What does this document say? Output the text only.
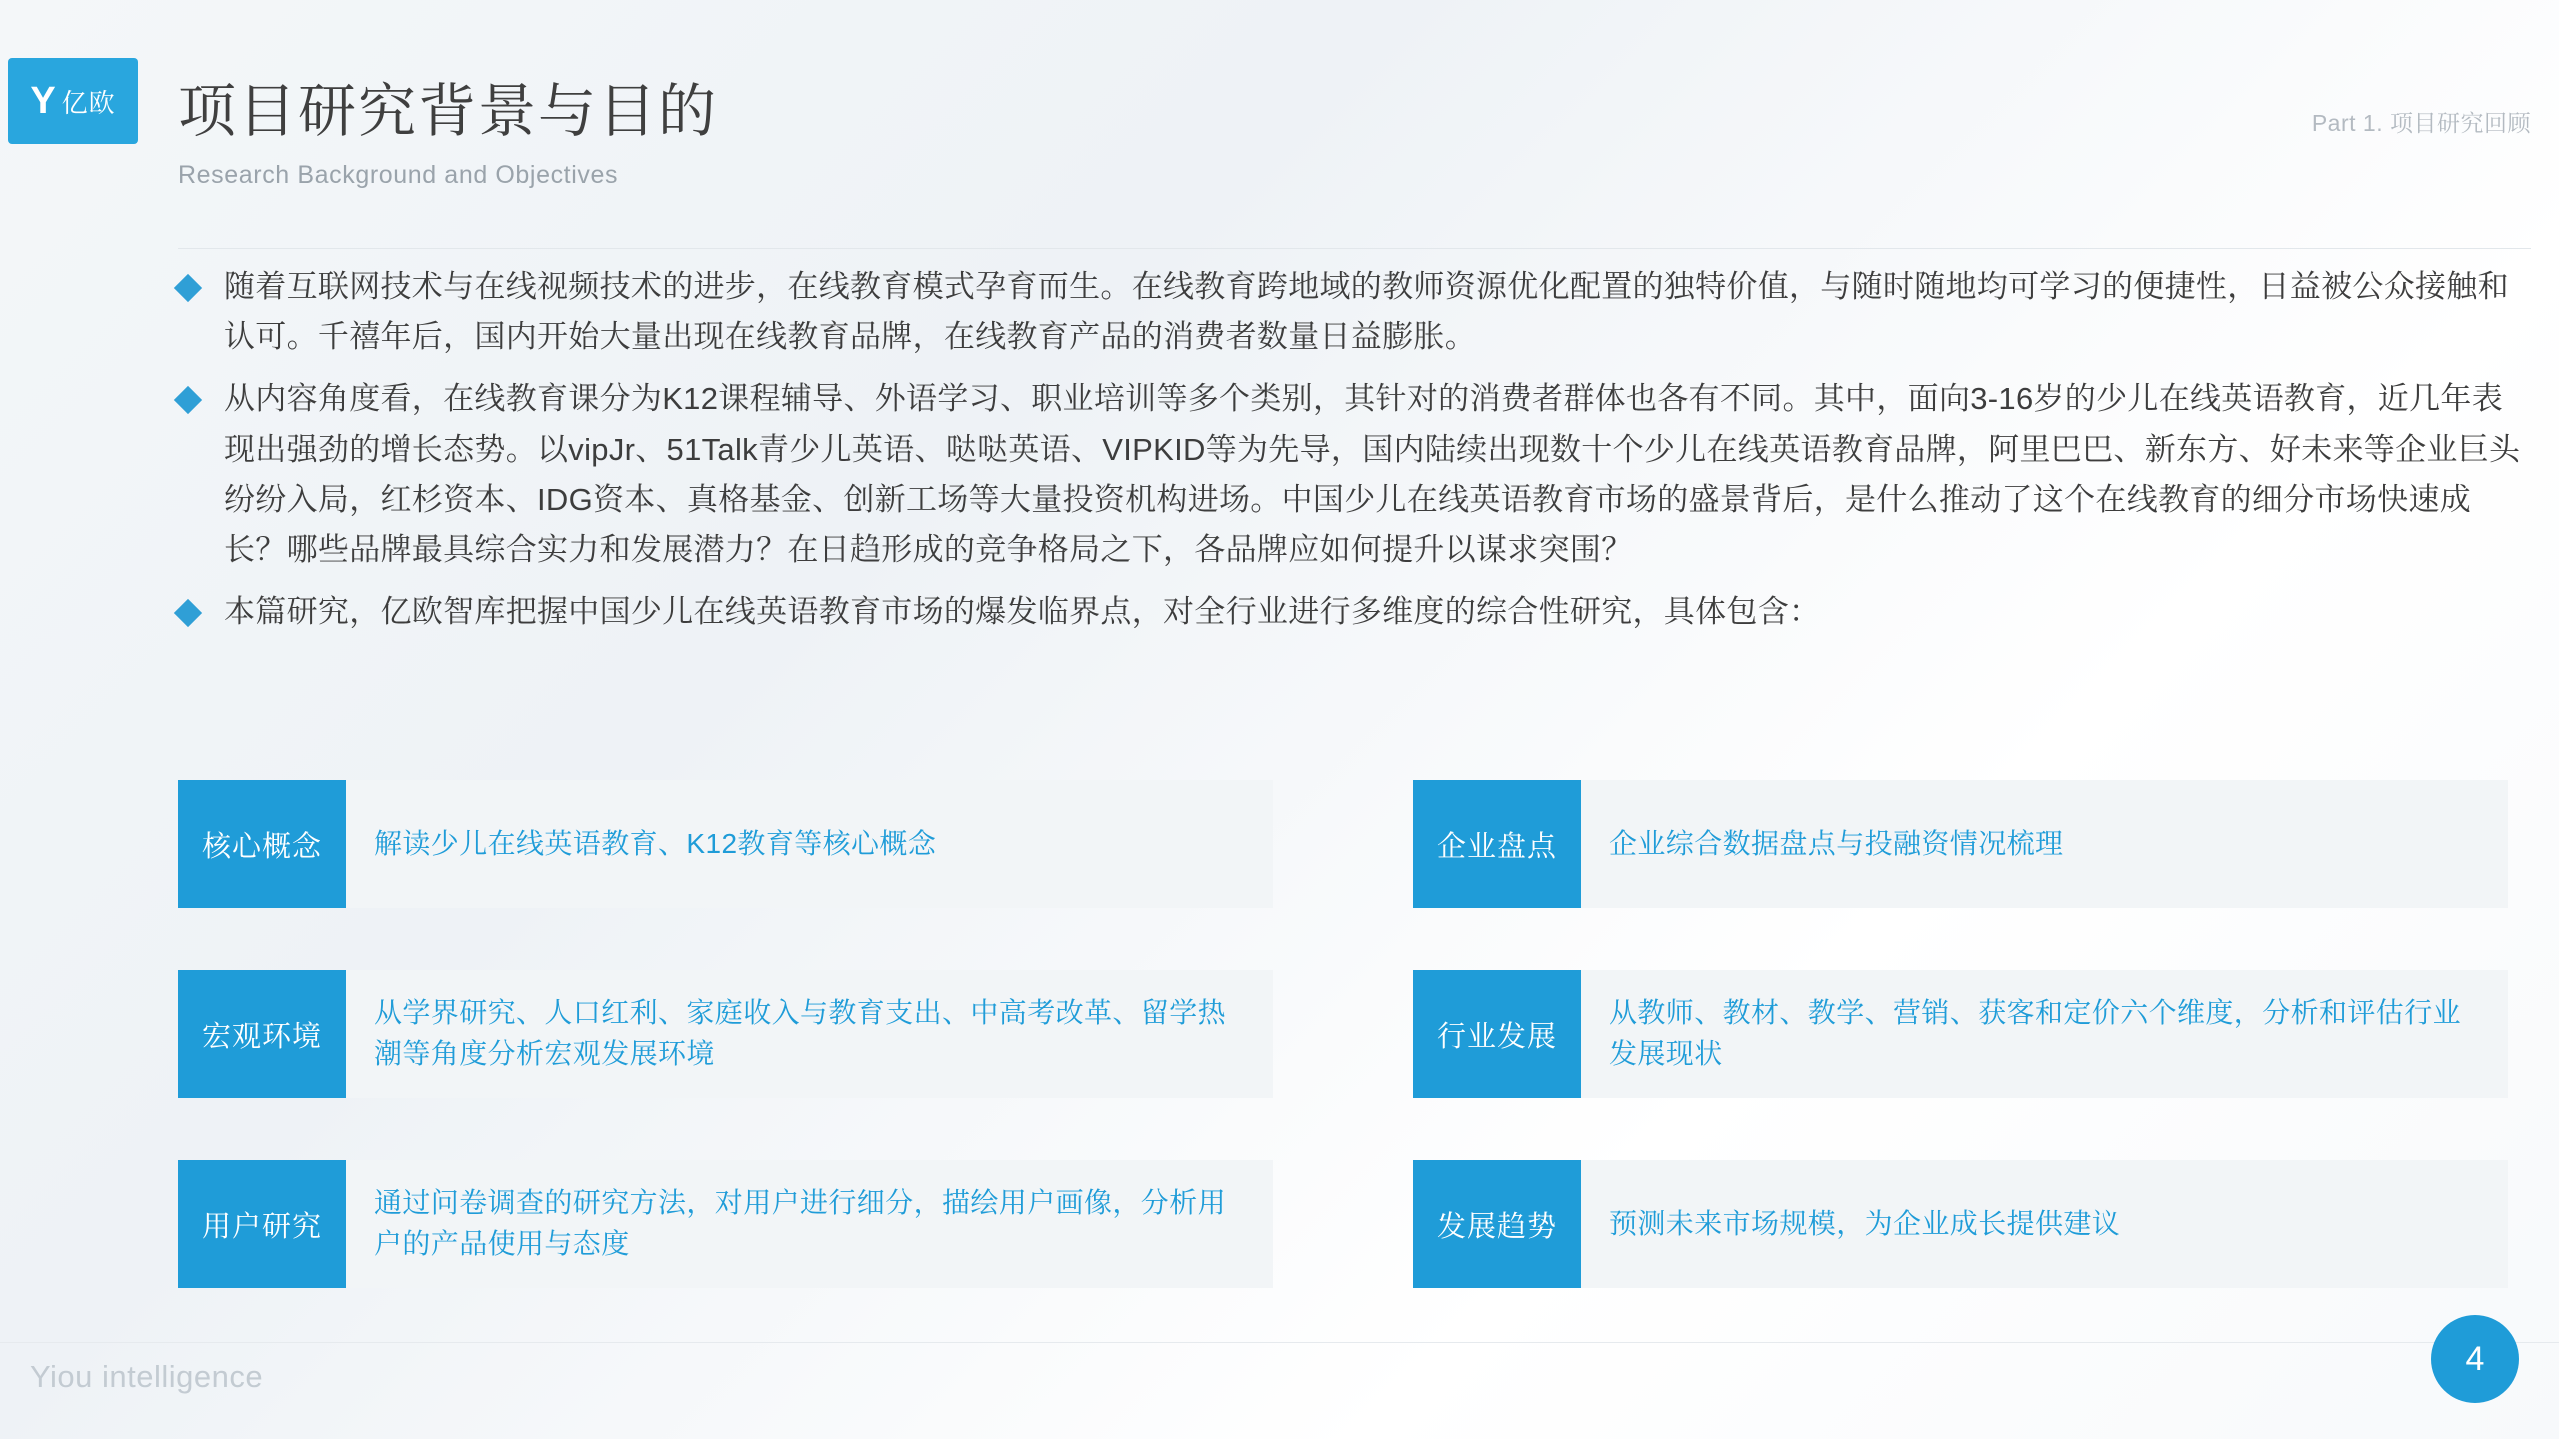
Y 亿欧 项目研究背景与目的
Research Background and Objectives
Part 1. 项目研究回顾
随着互联网技术与在线视频技术的进步，在线教育模式孕育而生。在线教育跨地域的教师资源优化配置的独特价值，与随时随地均可学习的便捷性，日益被公众接触和认可。千禧年后，国内开始大量出现在线教育品牌，在线教育产品的消费者数量日益膨胀。
从内容角度看，在线教育课分为K12课程辅导、外语学习、职业培训等多个类别，其针对的消费者群体也各有不同。其中，面向3-16岁的少儿在线英语教育，近几年表现出强劲的增长态势。以vipJr、51Talk青少儿英语、哒哒英语、VIPKID等为先导，国内陆续出现数十个少儿在线英语教育品牌，阿里巴巴、新东方、好未来等企业巨头纷纷入局，红杉资本、IDG资本、真格基金、创新工场等大量投资机构进场。中国少儿在线英语教育市场的盛景背后，是什么推动了这个在线教育的细分市场快速成长？哪些品牌最具综合实力和发展潜力？在日趋形成的竞争格局之下，各品牌应如何提升以谋求突围？
本篇研究，亿欧智库把握中国少儿在线英语教育市场的爆发临界点，对全行业进行多维度的综合性研究，具体包含：
核心概念	解读少儿在线英语教育、K12教育等核心概念	企业盘点	企业综合数据盘点与投融资情况梳理
宏观环境
从学界研究、人口红利、家庭收入与教育支出、中高考改革、留学热潮等角度分析宏观发展环境
行业发展
从教师、教材、教学、营销、获客和定价六个维度，分析和评估行业发展现状
用户研究
通过问卷调查的研究方法，对用户进行细分，描绘用户画像，分析用户的产品使用与态度
发展趋势	预测未来市场规模，为企业成长提供建议
Yiou intelligence	4
